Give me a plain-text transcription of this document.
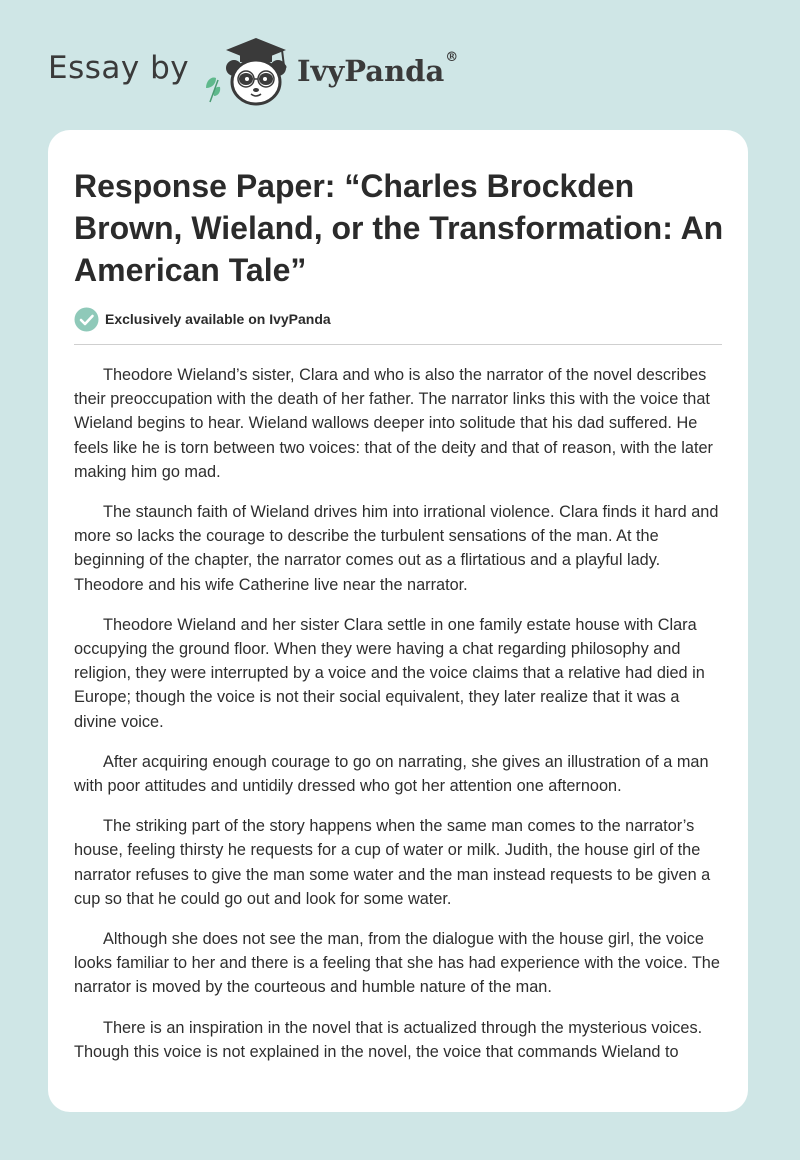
Essay by	IvyPanda®
Response Paper: “Charles Brockden Brown, Wieland, or the Transformation: An American Tale”
Exclusively available on IvyPanda

Theodore Wieland’s sister, Clara and who is also the narrator of the novel describes their preoccupation with the death of her father. The narrator links this with the voice that Wieland begins to hear. Wieland wallows deeper into solitude that his dad suffered. He feels like he is torn between two voices: that of the deity and that of reason, with the later making him go mad.

The staunch faith of Wieland drives him into irrational violence. Clara finds it hard and more so lacks the courage to describe the turbulent sensations of the man. At the beginning of the chapter, the narrator comes out as a flirtatious and a playful lady. Theodore and his wife Catherine live near the narrator.

Theodore Wieland and her sister Clara settle in one family estate house with Clara occupying the ground floor. When they were having a chat regarding philosophy and religion, they were interrupted by a voice and the voice claims that a relative had died in Europe; though the voice is not their social equivalent, they later realize that it was a divine voice.

After acquiring enough courage to go on narrating, she gives an illustration of a man with poor attitudes and untidily dressed who got her attention one afternoon.

The striking part of the story happens when the same man comes to the narrator’s house, feeling thirsty he requests for a cup of water or milk. Judith, the house girl of the narrator refuses to give the man some water and the man instead requests to be given a cup so that he could go out and look for some water.

Although she does not see the man, from the dialogue with the house girl, the voice looks familiar to her and there is a feeling that she has had experience with the voice. The narrator is moved by the courteous and humble nature of the man.

There is an inspiration in the novel that is actualized through the mysterious voices. Though this voice is not explained in the novel, the voice that commands Wieland to
